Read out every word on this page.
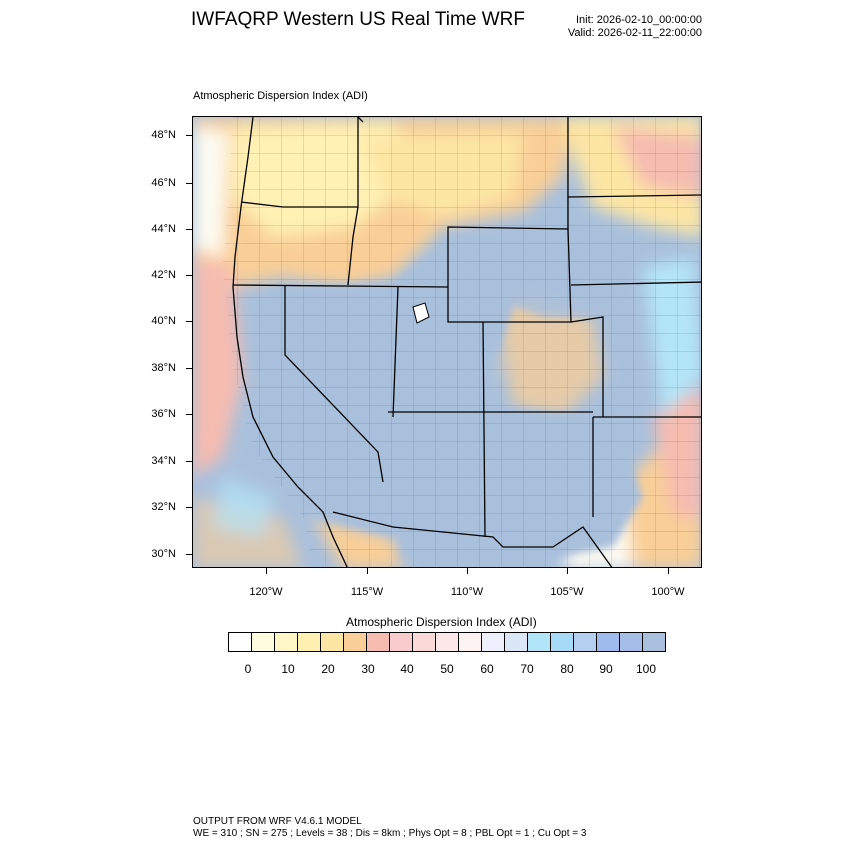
IWFAQRP Western US Real Time WRF	Init: 2026-02-10_00:00:00
Valid: 2026-02-11_22:00:00
Atmospheric Dispersion Index (ADI)
48°N
46°N
44°N
42°N
40°N
38°N
36°N
34°N
32°N
30°N
120°W	115°W	110°W	105°W	100°W
Atmospheric Dispersion Index (ADI)
0	10	20	30	40	50	60	70	80	90	100
OUTPUT FROM WRF V4.6.1 MODEL
WE = 310 ; SN = 275 ; Levels = 38 ; Dis = 8km ; Phys Opt = 8 ; PBL Opt = 1 ; Cu Opt = 3
